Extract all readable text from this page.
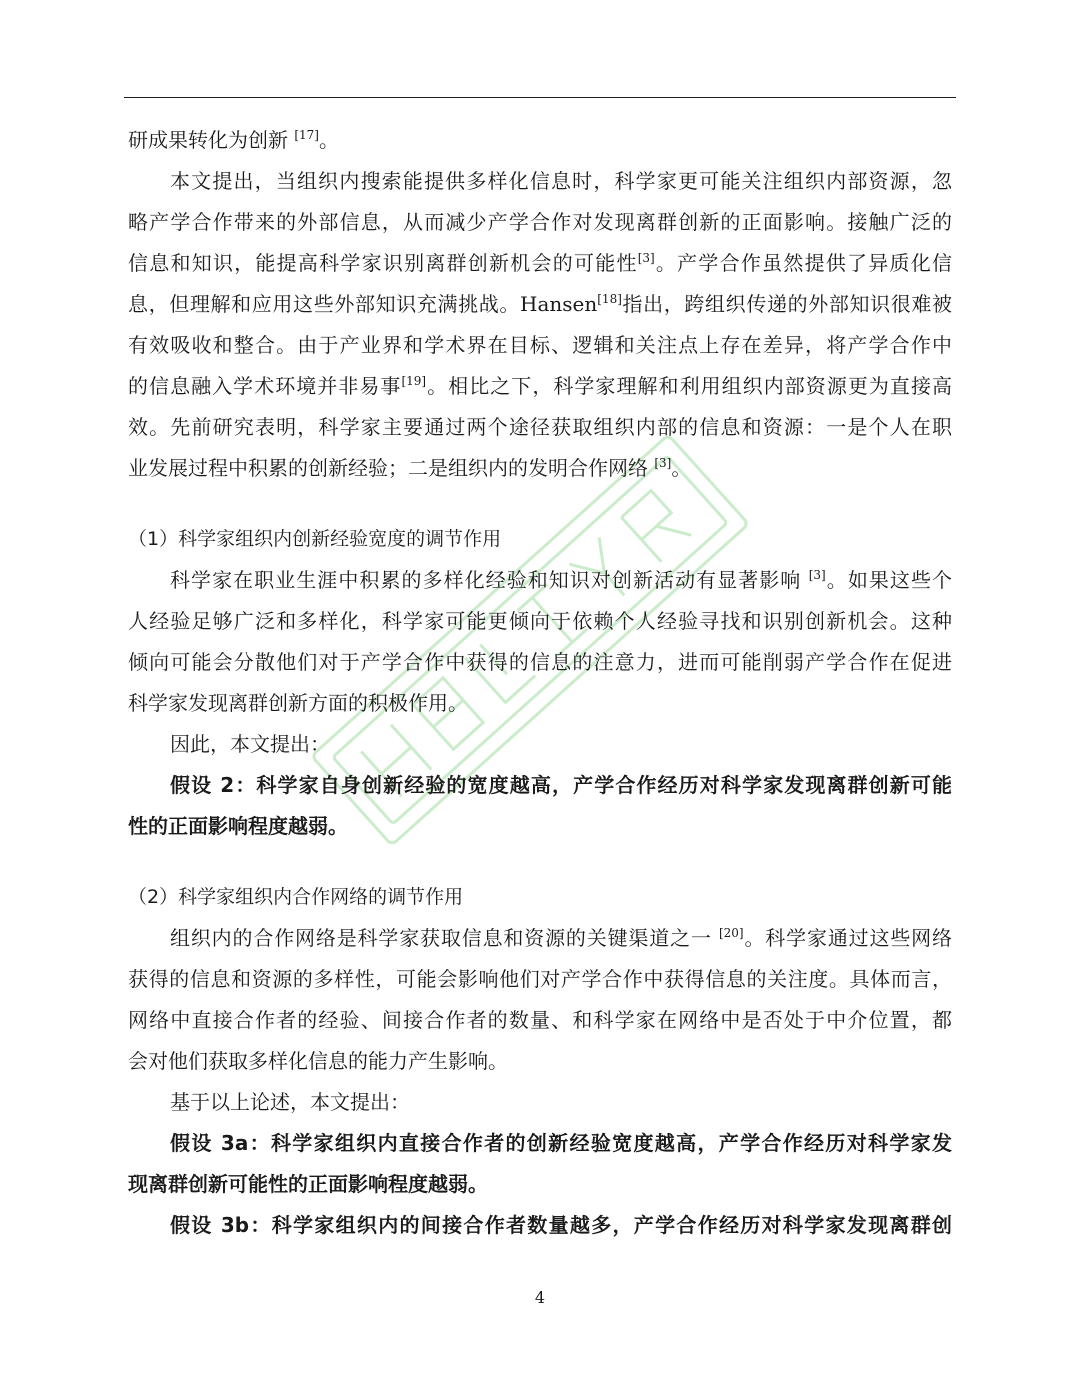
研成果转化为创新 [17]。
本文提出，当组织内搜索能提供多样化信息时，科学家更可能关注组织内部资源，忽
略产学合作带来的外部信息，从而减少产学合作对发现离群创新的正面影响。接触广泛的
信息和知识，能提高科学家识别离群创新机会的可能性[3]。产学合作虽然提供了异质化信
息，但理解和应用这些外部知识充满挑战。Hansen[18]指出，跨组织传递的外部知识很难被
有效吸收和整合。由于产业界和学术界在目标、逻辑和关注点上存在差异，将产学合作中
的信息融入学术环境并非易事[19]。相比之下，科学家理解和利用组织内部资源更为直接高
效。先前研究表明，科学家主要通过两个途径获取组织内部的信息和资源：一是个人在职
业发展过程中积累的创新经验；二是组织内的发明合作网络 [3]。
（1）科学家组织内创新经验宽度的调节作用
科学家在职业生涯中积累的多样化经验和知识对创新活动有显著影响 [3]。如果这些个
人经验足够广泛和多样化，科学家可能更倾向于依赖个人经验寻找和识别创新机会。这种
倾向可能会分散他们对于产学合作中获得的信息的注意力，进而可能削弱产学合作在促进
科学家发现离群创新方面的积极作用。
因此，本文提出：
假设 2：科学家自身创新经验的宽度越高，产学合作经历对科学家发现离群创新可能
性的正面影响程度越弱。
（2）科学家组织内合作网络的调节作用
组织内的合作网络是科学家获取信息和资源的关键渠道之一 [20]。科学家通过这些网络
获得的信息和资源的多样性，可能会影响他们对产学合作中获得信息的关注度。具体而言，
网络中直接合作者的经验、间接合作者的数量、和科学家在网络中是否处于中介位置，都
会对他们获取多样化信息的能力产生影响。
基于以上论述，本文提出：
假设 3a：科学家组织内直接合作者的创新经验宽度越高，产学合作经历对科学家发
现离群创新可能性的正面影响程度越弱。
假设 3b：科学家组织内的间接合作者数量越多，产学合作经历对科学家发现离群创
4
